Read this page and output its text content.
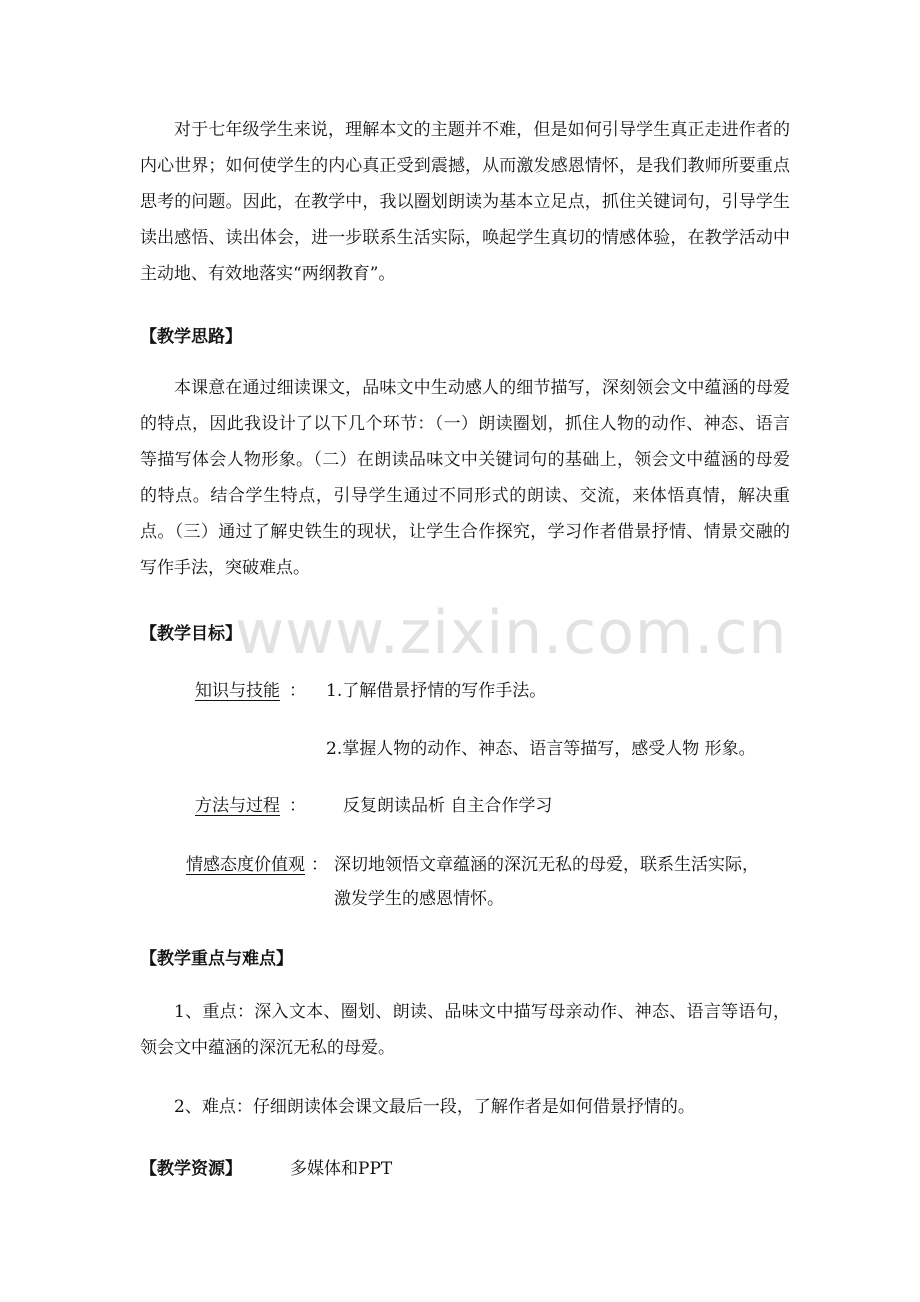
对于七年级学生来说，理解本文的主题并不难，但是如何引导学生真正走进作者的内心世界；如何使学生的内心真正受到震撼，从而激发感恩情怀，是我们教师所要重点思考的问题。因此，在教学中，我以圈划朗读为基本立足点，抓住关键词句，引导学生读出感悟、读出体会，进一步联系生活实际，唤起学生真切的情感体验，在教学活动中主动地、有效地落实“两纲教育”。

【教学思路】

本课意在通过细读课文，品味文中生动感人的细节描写，深刻领会文中蕴涵的母爱的特点，因此我设计了以下几个环节：（一）朗读圈划，抓住人物的动作、神态、语言等描写体会人物形象。（二）在朗读品味文中关键词句的基础上，领会文中蕴涵的母爱的特点。结合学生特点，引导学生通过不同形式的朗读、交流，来体悟真情，解决重点。（三）通过了解史铁生的现状，让学生合作探究，学习作者借景抒情、情景交融的写作手法，突破难点。

【教学目标】

知识与技能 ： 1.了解借景抒情的写作手法。

2.掌握人物的动作、神态、语言等描写，感受人物 形象。

方法与过程 ： 反复朗读品析 自主合作学习

情感态度价值观 ： 深切地领悟文章蕴涵的深沉无私的母爱，联系生活实际，

激发学生的感恩情怀。

【教学重点与难点】

1、重点：深入文本、圈划、朗读、品味文中描写母亲动作、神态、语言等语句，领会文中蕴涵的深沉无私的母爱。

2、难点：仔细朗读体会课文最后一段，了解作者是如何借景抒情的。

【教学资源】	多媒体和PPT

www.zixin.com.cn
